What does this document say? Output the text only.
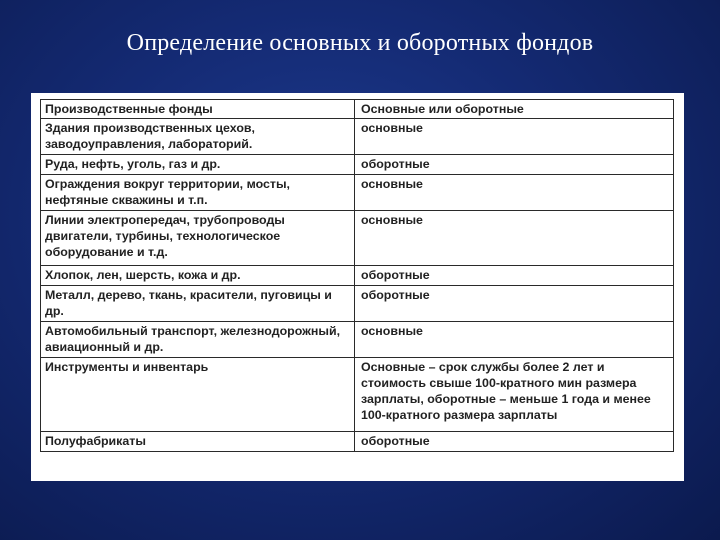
Определение основных и оборотных фондов
Производственные фонды	Основные или оборотные
Здания производственных цехов, заводоуправления, лабораторий.	основные
Руда, нефть, уголь, газ и др.	оборотные
Ограждения вокруг территории, мосты, нефтяные скважины и т.п.	основные
Линии электропередач, трубопроводы двигатели, турбины, технологическое оборудование и т.д.	основные
Хлопок, лен, шерсть, кожа и др.	оборотные
Металл, дерево, ткань, красители, пуговицы и др.	оборотные
Автомобильный транспорт, железнодорожный, авиационный и др.	основные
Инструменты и инвентарь	Основные – срок службы более 2 лет и стоимость свыше 100-кратного мин размера зарплаты, оборотные – меньше 1 года и менее 100-кратного размера зарплаты
Полуфабрикаты	оборотные
